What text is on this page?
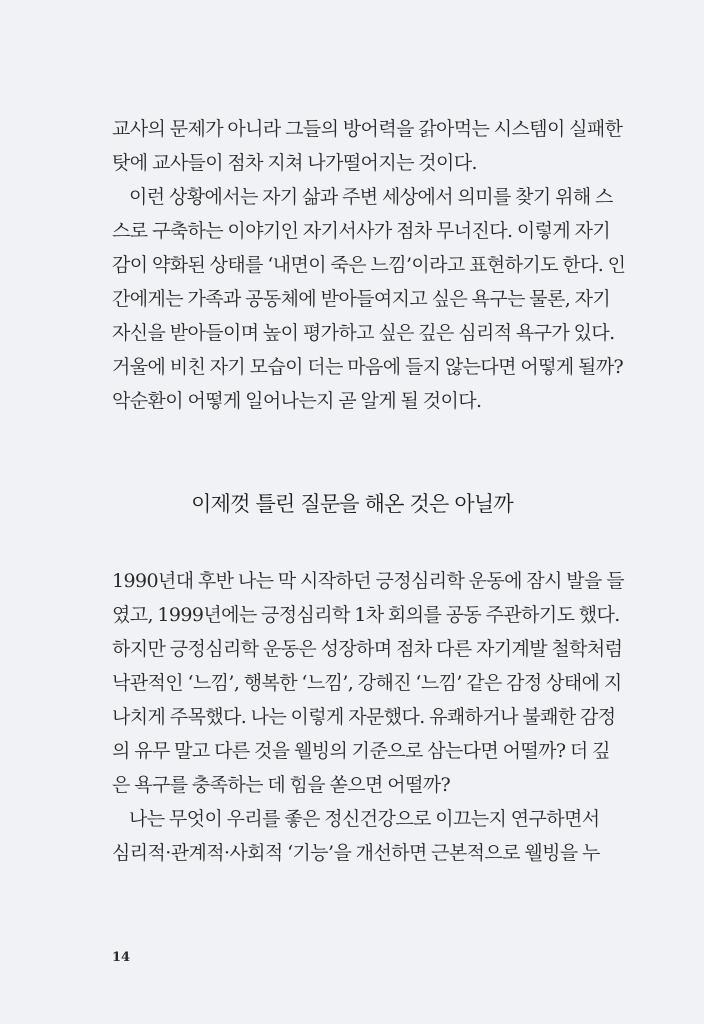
교사의 문제가 아니라 그들의 방어력을 갉아먹는 시스템이 실패한
탓에 교사들이 점차 지쳐 나가떨어지는 것이다.
이런 상황에서는 자기 삶과 주변 세상에서 의미를 찾기 위해 스
스로 구축하는 이야기인 자기서사가 점차 무너진다. 이렇게 자기
감이 약화된 상태를 ‘내면이 죽은 느낌’이라고 표현하기도 한다. 인
간에게는 가족과 공동체에 받아들여지고 싶은 욕구는 물론, 자기
자신을 받아들이며 높이 평가하고 싶은 깊은 심리적 욕구가 있다.
거울에 비친 자기 모습이 더는 마음에 들지 않는다면 어떻게 될까?
악순환이 어떻게 일어나는지 곧 알게 될 것이다.
이제껏 틀린 질문을 해온 것은 아닐까
1990년대 후반 나는 막 시작하던 긍정심리학 운동에 잠시 발을 들
였고, 1999년에는 긍정심리학 1차 회의를 공동 주관하기도 했다.
하지만 긍정심리학 운동은 성장하며 점차 다른 자기계발 철학처럼
낙관적인 ‘느낌’, 행복한 ‘느낌’, 강해진 ‘느낌’ 같은 감정 상태에 지
나치게 주목했다. 나는 이렇게 자문했다. 유쾌하거나 불쾌한 감정
의 유무 말고 다른 것을 웰빙의 기준으로 삼는다면 어떨까? 더 깊
은 욕구를 충족하는 데 힘을 쏟으면 어떨까?
나는 무엇이 우리를 좋은 정신건강으로 이끄는지 연구하면서
심리적·관계적·사회적 ‘기능’을 개선하면 근본적으로 웰빙을 누
14
